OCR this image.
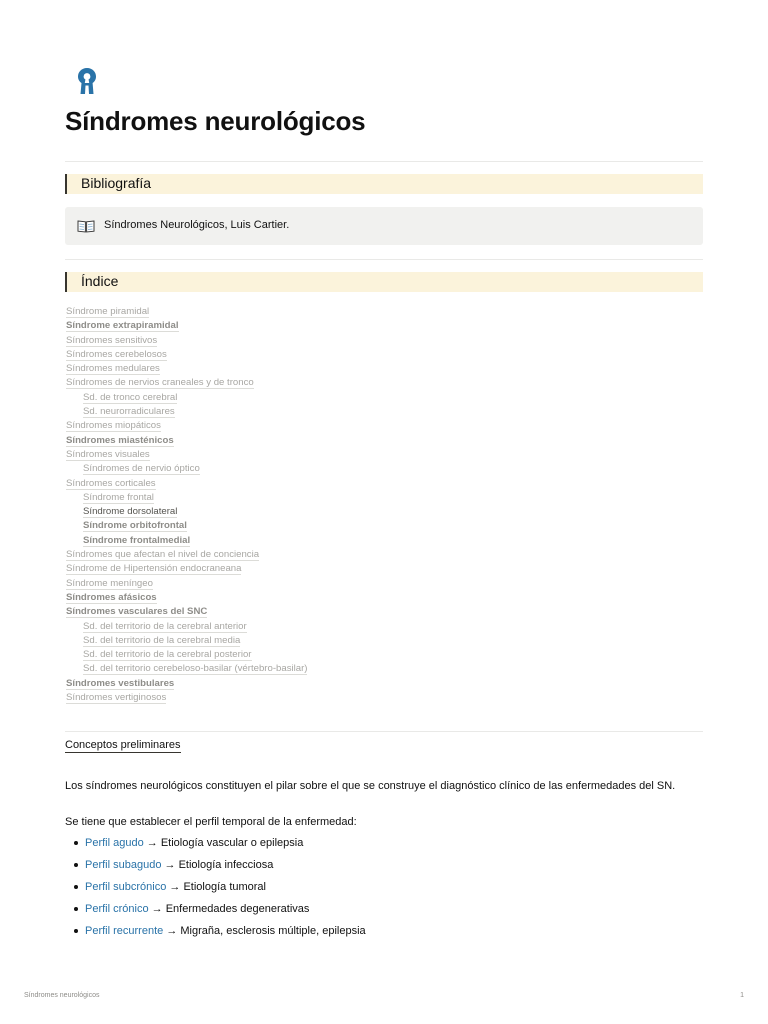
Síndromes neurológicos
Bibliografía
Síndromes Neurológicos, Luis Cartier.
Índice
Síndrome piramidal
Síndrome extrapiramidal
Síndromes sensitivos
Síndromes cerebelosos
Síndromes medulares
Síndromes de nervios craneales y de tronco
Sd. de tronco cerebral
Sd. neurorradiculares
Síndromes miopáticos
Síndromes miasténicos
Síndromes visuales
Síndromes de nervio óptico
Síndromes corticales
Síndrome frontal
Síndrome dorsolateral
Síndrome orbitofrontal
Síndrome frontalmedial
Síndromes que afectan el nivel de conciencia
Síndrome de Hipertensión endocraneana
Síndrome meníngeo
Síndromes afásicos
Síndromes vasculares del SNC
Sd. del territorio de la cerebral anterior
Sd. del territorio de la cerebral media
Sd. del territorio de la cerebral posterior
Sd. del territorio cerebeloso-basilar (vértebro-basilar)
Síndromes vestibulares
Síndromes vertiginosos
Conceptos preliminares

Los síndromes neurológicos constituyen el pilar sobre el que se construye el diagnóstico clínico de las enfermedades del SN.

Se tiene que establecer el perfil temporal de la enfermedad:

Perfil agudo → Etiología vascular o epilepsia
Perfil subagudo → Etiología infecciosa
Perfil subcrónico → Etiología tumoral
Perfil crónico → Enfermedades degenerativas
Perfil recurrente → Migraña, esclerosis múltiple, epilepsia
Síndromes neurológicos	1
